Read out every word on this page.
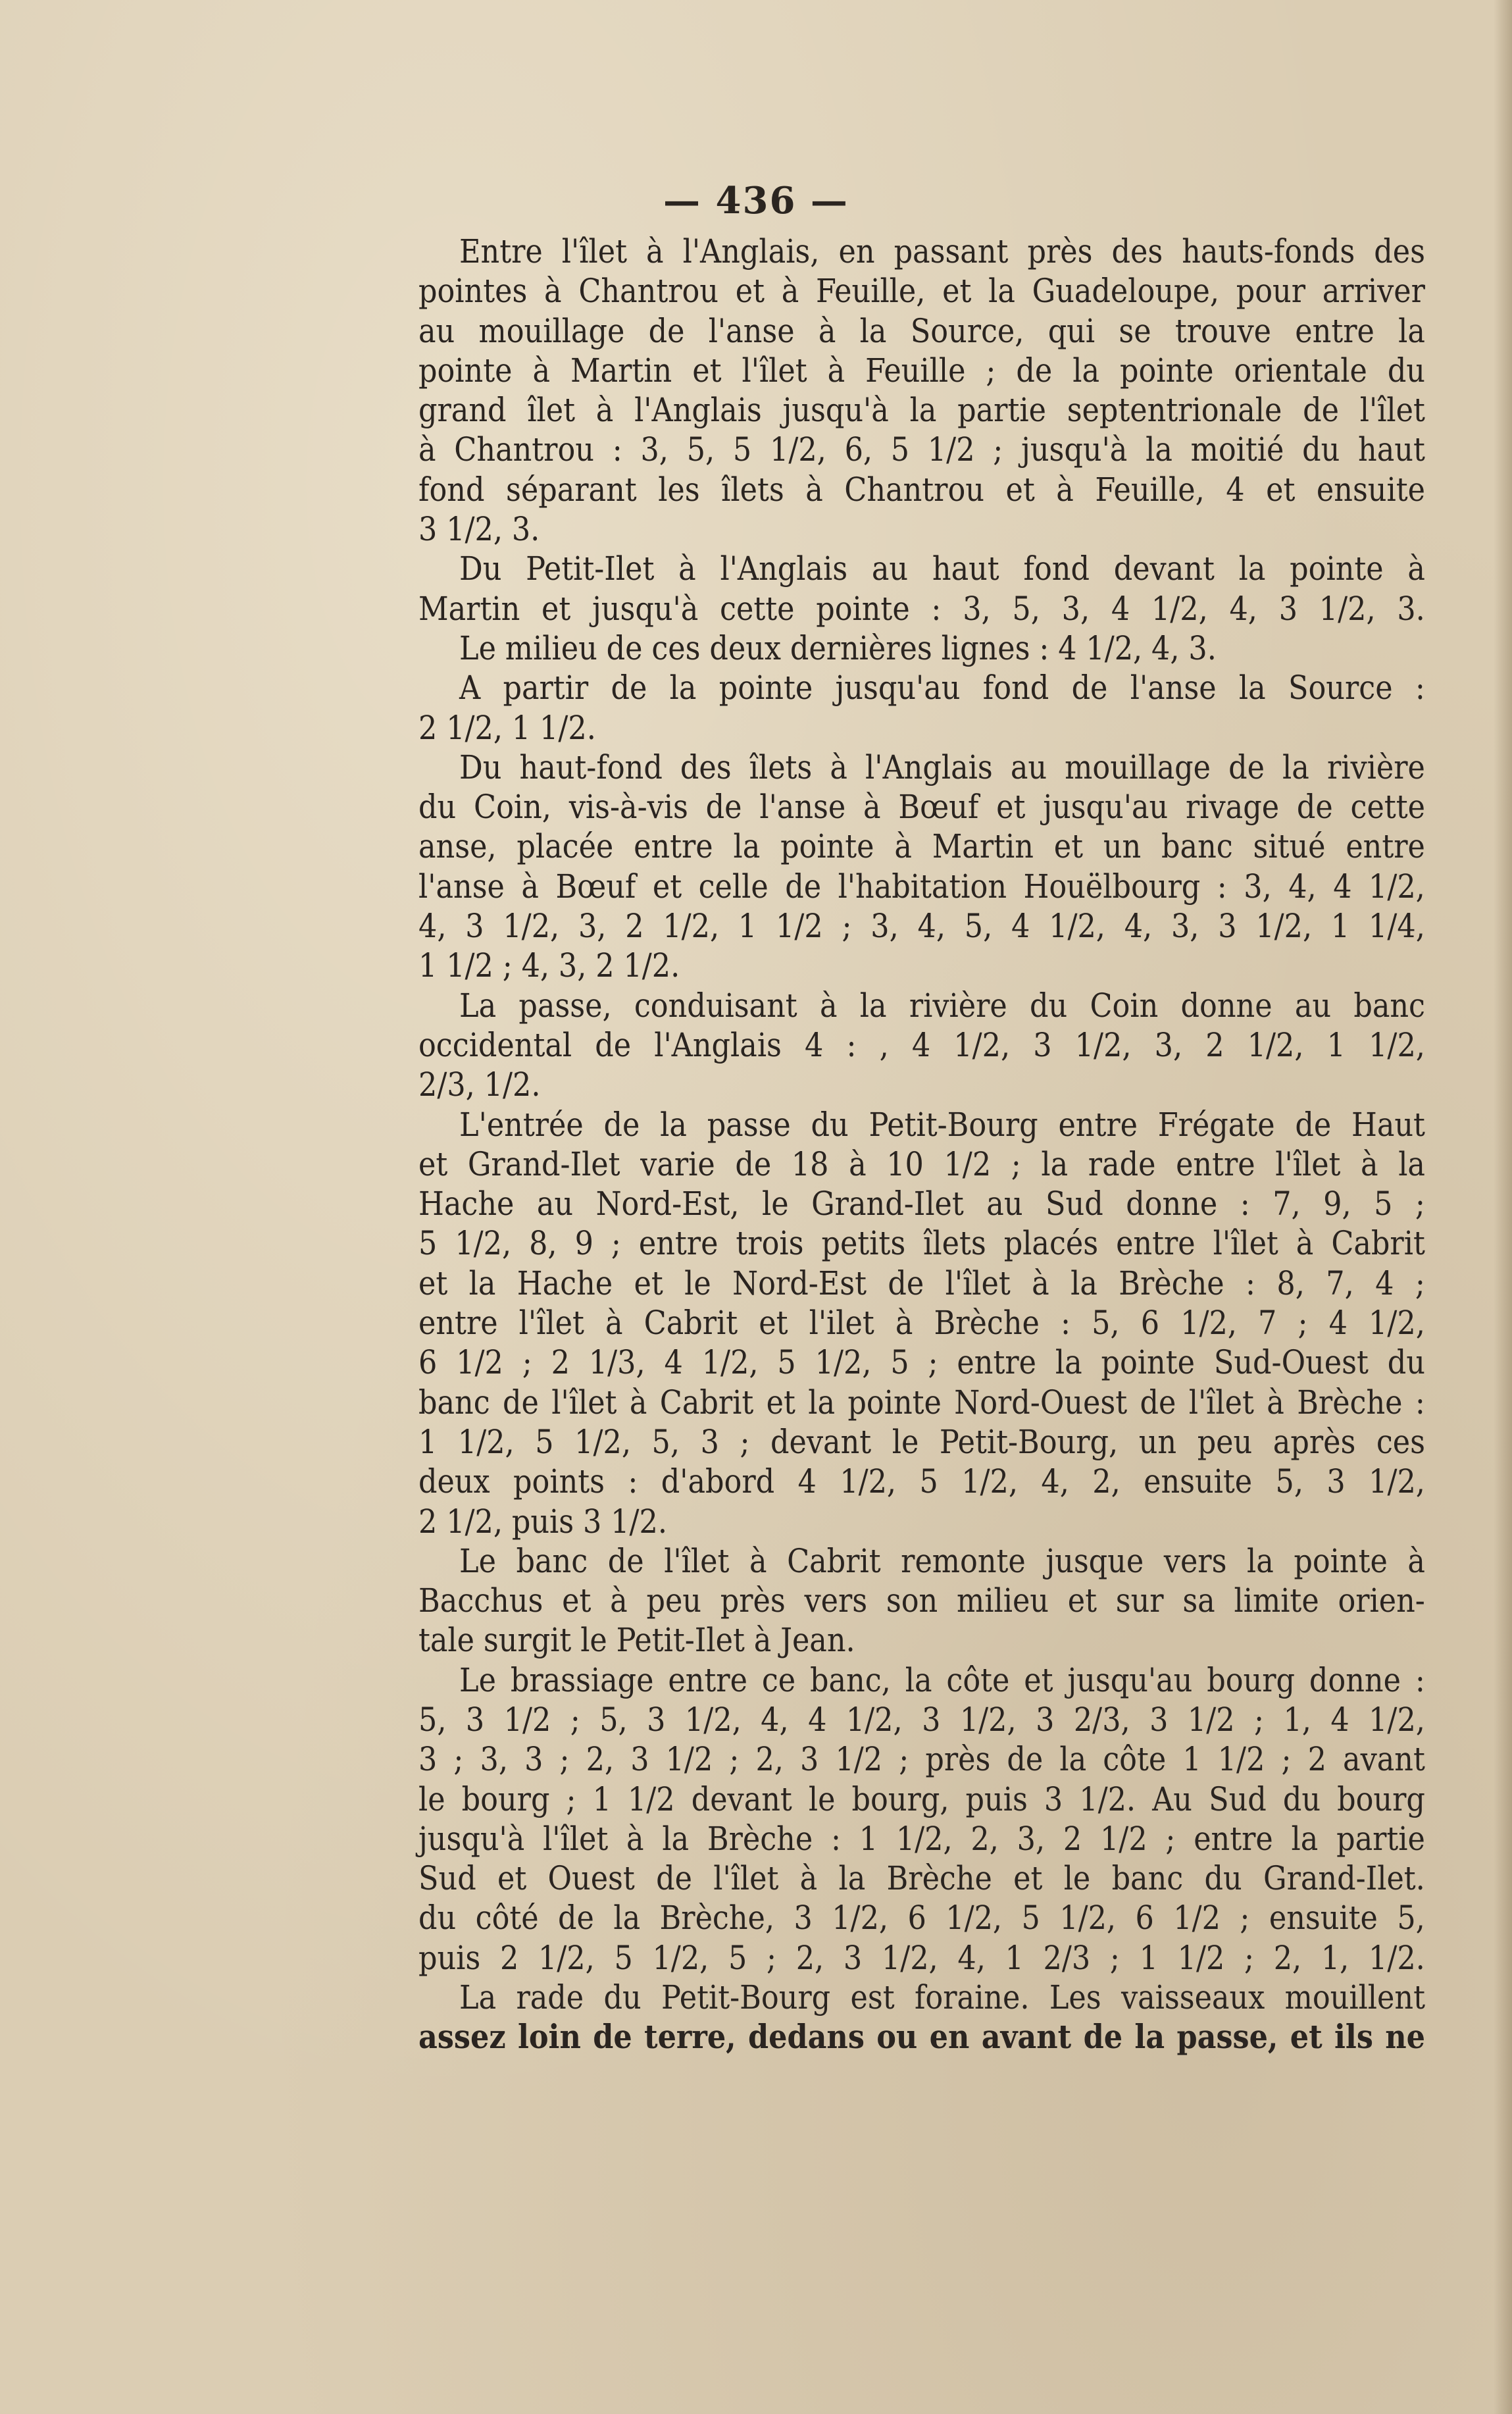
— 436 —
Entre l'îlet à l'Anglais, en passant près des hauts-fonds des
pointes à Chantrou et à Feuille, et la Guadeloupe, pour arriver
au mouillage de l'anse à la Source, qui se trouve entre la
pointe à Martin et l'îlet à Feuille ; de la pointe orientale du
grand îlet à l'Anglais jusqu'à la partie septentrionale de l'îlet
à Chantrou : 3, 5, 5 1/2, 6, 5 1/2 ; jusqu'à la moitié du haut
fond séparant les îlets à Chantrou et à Feuille, 4 et ensuite
3 1/2, 3.
Du Petit-Ilet à l'Anglais au haut fond devant la pointe à
Martin et jusqu'à cette pointe : 3, 5, 3, 4 1/2, 4, 3 1/2, 3.
Le milieu de ces deux dernières lignes : 4 1/2, 4, 3.
A partir de la pointe jusqu'au fond de l'anse la Source :
2 1/2, 1 1/2.
Du haut-fond des îlets à l'Anglais au mouillage de la rivière
du Coin, vis-à-vis de l'anse à Bœuf et jusqu'au rivage de cette
anse, placée entre la pointe à Martin et un banc situé entre
l'anse à Bœuf et celle de l'habitation Houëlbourg : 3, 4, 4 1/2,
4, 3 1/2, 3, 2 1/2, 1 1/2 ; 3, 4, 5, 4 1/2, 4, 3, 3 1/2, 1 1/4,
1 1/2 ; 4, 3, 2 1/2.
La passe, conduisant à la rivière du Coin donne au banc
occidental de l'Anglais 4 : , 4 1/2, 3 1/2, 3, 2 1/2, 1 1/2,
2/3, 1/2.
L'entrée de la passe du Petit-Bourg entre Frégate de Haut
et Grand-Ilet varie de 18 à 10 1/2 ; la rade entre l'îlet à la
Hache au Nord-Est, le Grand-Ilet au Sud donne : 7, 9, 5 ;
5 1/2, 8, 9 ; entre trois petits îlets placés entre l'îlet à Cabrit
et la Hache et le Nord-Est de l'îlet à la Brèche : 8, 7, 4 ;
entre l'îlet à Cabrit et l'ilet à Brèche : 5, 6 1/2, 7 ; 4 1/2,
6 1/2 ; 2 1/3, 4 1/2, 5 1/2, 5 ; entre la pointe Sud-Ouest du
banc de l'îlet à Cabrit et la pointe Nord-Ouest de l'îlet à Brèche :
1 1/2, 5 1/2, 5, 3 ; devant le Petit-Bourg, un peu après ces
deux points : d'abord 4 1/2, 5 1/2, 4, 2, ensuite 5, 3 1/2,
2 1/2, puis 3 1/2.
Le banc de l'îlet à Cabrit remonte jusque vers la pointe à
Bacchus et à peu près vers son milieu et sur sa limite orien-
tale surgit le Petit-Ilet à Jean.
Le brassiage entre ce banc, la côte et jusqu'au bourg donne :
5, 3 1/2 ; 5, 3 1/2, 4, 4 1/2, 3 1/2, 3 2/3, 3 1/2 ; 1, 4 1/2,
3 ; 3, 3 ; 2, 3 1/2 ; 2, 3 1/2 ; près de la côte 1 1/2 ; 2 avant
le bourg ; 1 1/2 devant le bourg, puis 3 1/2. Au Sud du bourg
jusqu'à l'îlet à la Brèche : 1 1/2, 2, 3, 2 1/2 ; entre la partie
Sud et Ouest de l'îlet à la Brèche et le banc du Grand-Ilet.
du côté de la Brèche, 3 1/2, 6 1/2, 5 1/2, 6 1/2 ; ensuite 5,
puis 2 1/2, 5 1/2, 5 ; 2, 3 1/2, 4, 1 2/3 ; 1 1/2 ; 2, 1, 1/2.
La rade du Petit-Bourg est foraine. Les vaisseaux mouillent
assez loin de terre, dedans ou en avant de la passe, et ils ne
